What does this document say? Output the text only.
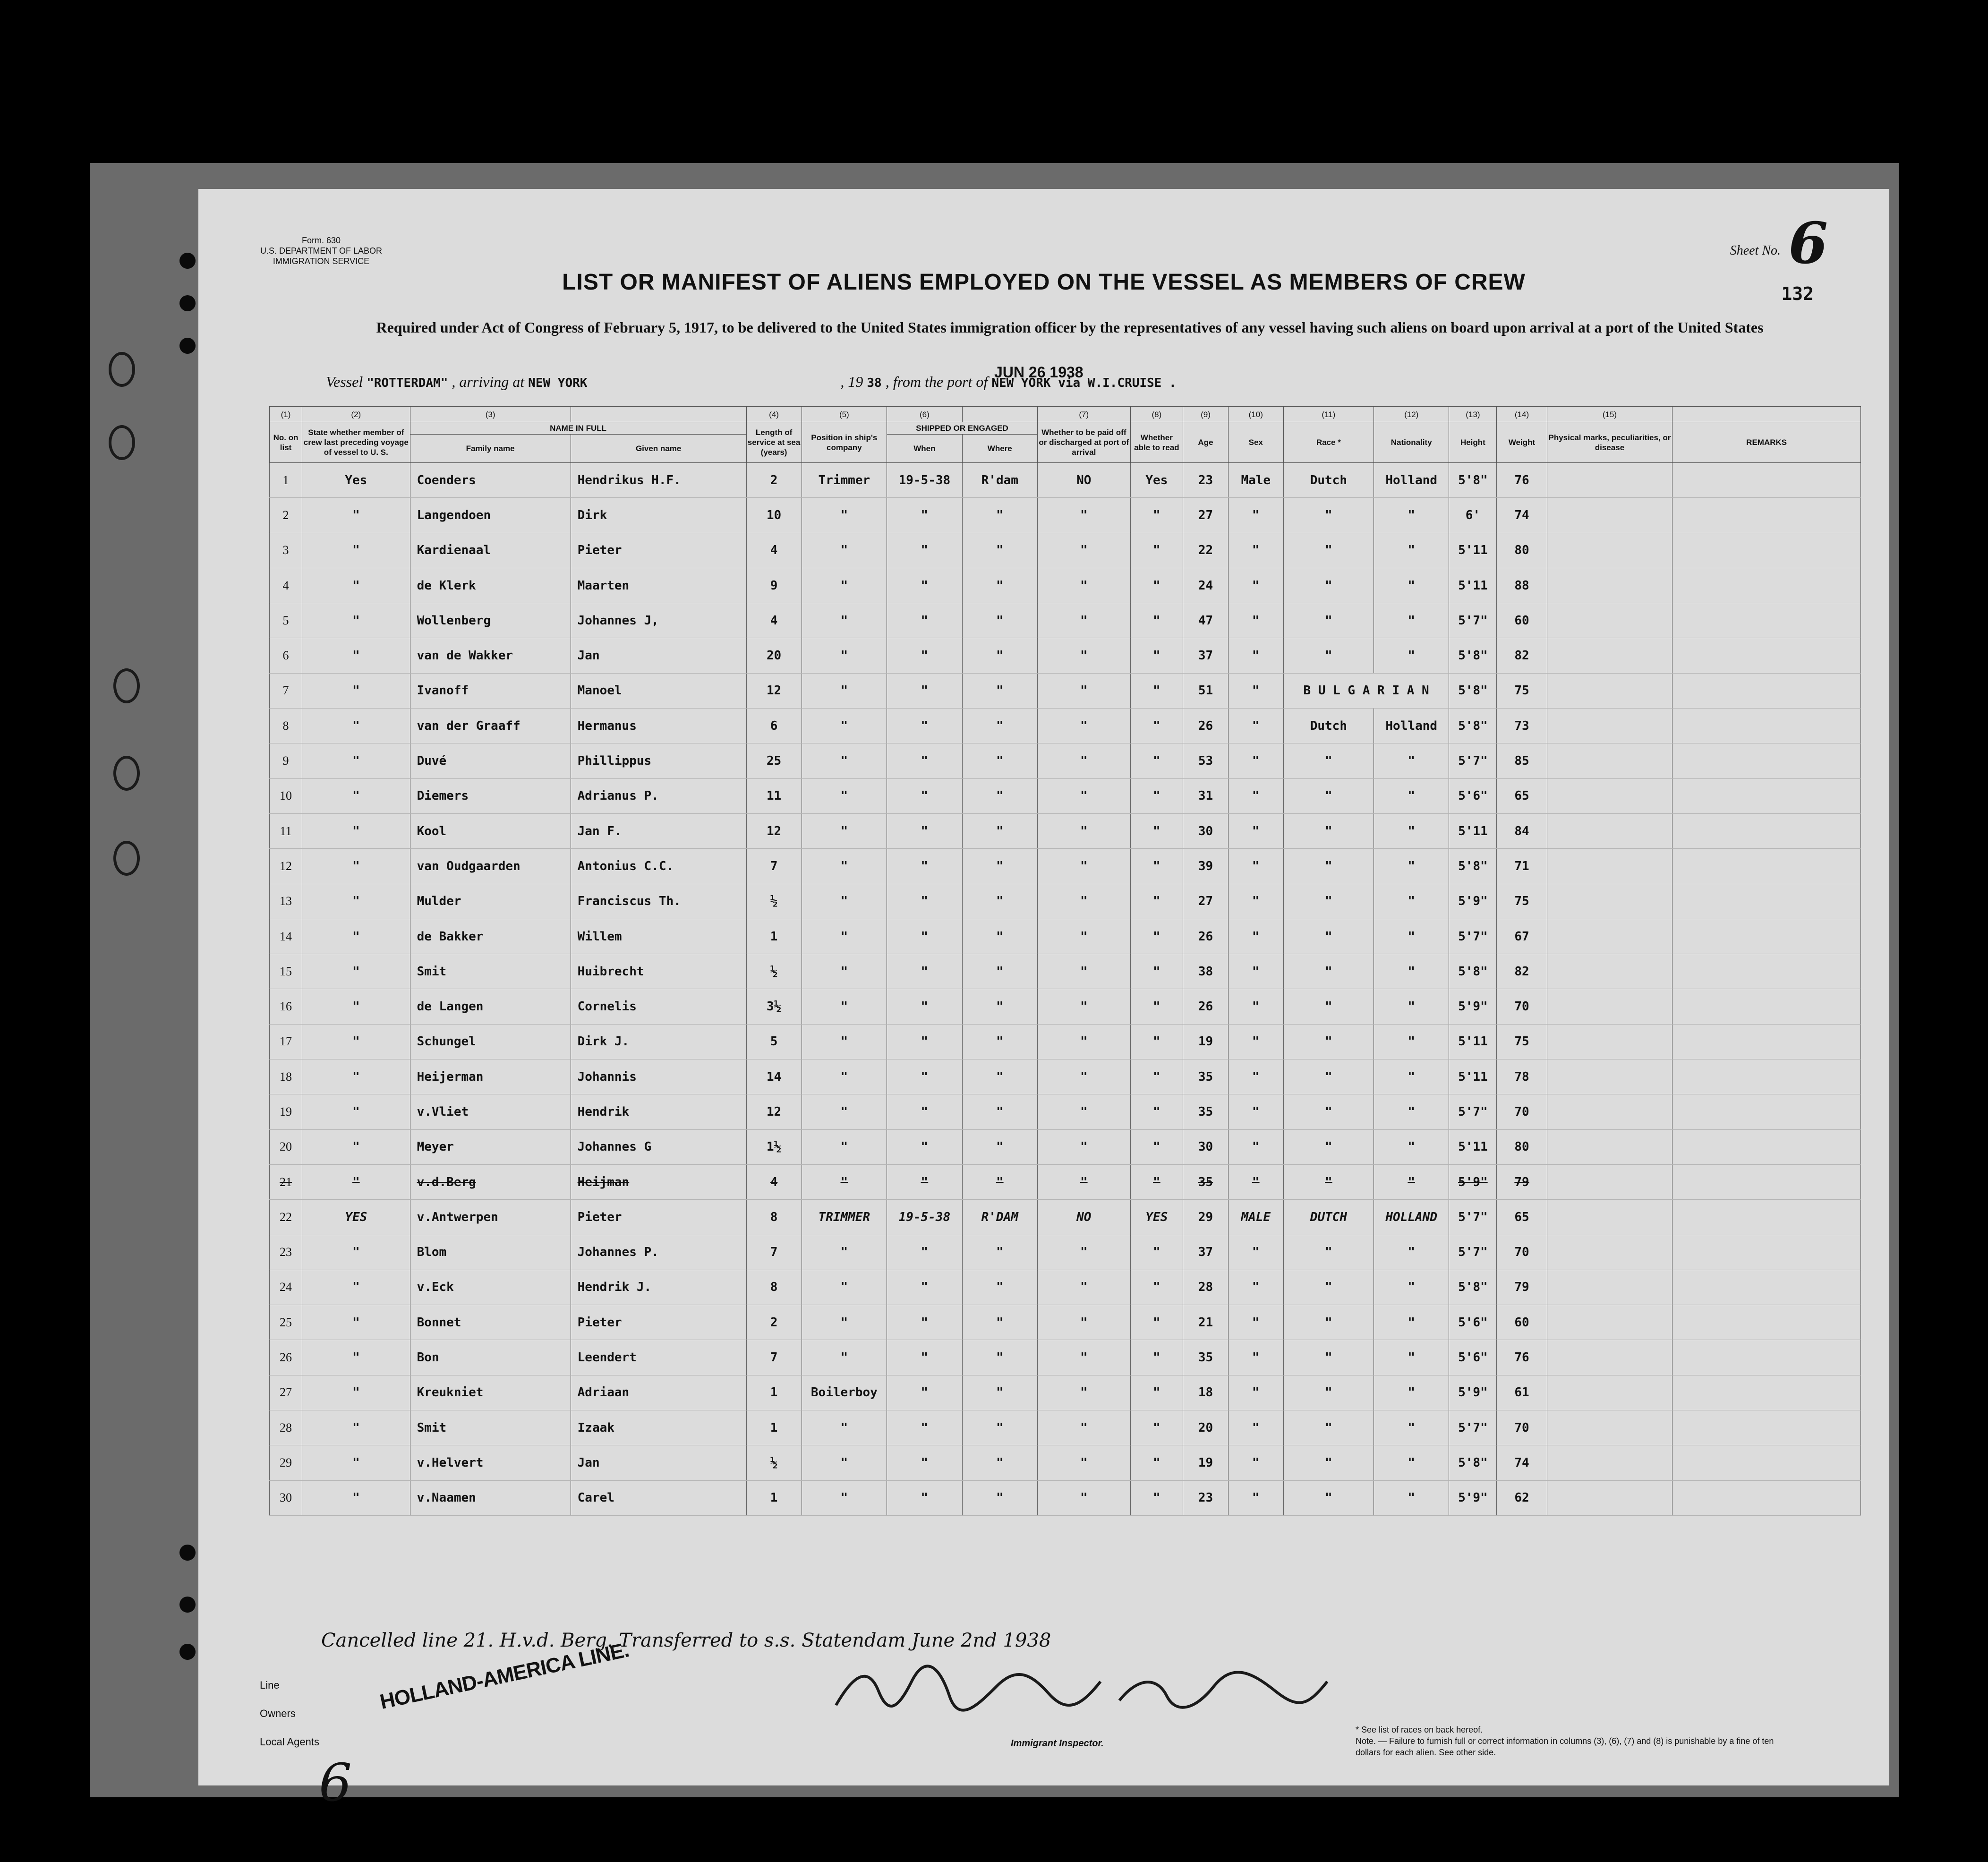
Form. 630
U.S. DEPARTMENT OF LABOR
IMMIGRATION SERVICE
Sheet No. 6
132
LIST OR MANIFEST OF ALIENS EMPLOYED ON THE VESSEL AS MEMBERS OF CREW
Required under Act of Congress of February 5, 1917, to be delivered to the United States immigration officer by the representatives of any vessel having such aliens on board upon arrival at a port of the United States
JUN 26 1938
Vessel "ROTTERDAM" , arriving at NEW YORK	, 19 38 , from the port of NEW YORK via W.I.CRUISE .
(1)	(2)	(3)		(4)	(5)	(6)		(7)	(8)	(9)	(10)	(11)	(12)	(13)	(14)	(15)	
No. on list	State whether member of crew last preceding voyage of vessel to U. S.	NAME IN FULL		Length of service at sea (years)	Position in ship's company	SHIPPED OR ENGAGED		Whether to be paid off or discharged at port of arrival	Whether able to read	Age	Sex	Race *	Nationality	Height	Weight	Physical marks, peculiarities, or disease	REMARKS
		Family name	Given name			When	Where										
1	Yes	Coenders	Hendrikus H.F.	2	Trimmer	19-5-38	R'dam	NO	Yes	23	Male	Dutch	Holland	5'8"	76		
2	"	Langendoen	Dirk	10	"	"	"	"	"	27	"	"	"	6'	74		
3	"	Kardienaal	Pieter	4	"	"	"	"	"	22	"	"	"	5'11	80		
4	"	de Klerk	Maarten	9	"	"	"	"	"	24	"	"	"	5'11	88		
5	"	Wollenberg	Johannes J,	4	"	"	"	"	"	47	"	"	"	5'7"	60		
6	"	van de Wakker	Jan	20	"	"	"	"	"	37	"	"	"	5'8"	82		
7	"	Ivanoff	Manoel	12	"	"	"	"	"	51	"	B U L G A R I A N		5'8"	75		
8	"	van der Graaff	Hermanus	6	"	"	"	"	"	26	"	Dutch	Holland	5'8"	73		
9	"	Duvé	Phillippus	25	"	"	"	"	"	53	"	"	"	5'7"	85		
10	"	Diemers	Adrianus P.	11	"	"	"	"	"	31	"	"	"	5'6"	65		
11	"	Kool	Jan F.	12	"	"	"	"	"	30	"	"	"	5'11	84		
12	"	van Oudgaarden	Antonius C.C.	7	"	"	"	"	"	39	"	"	"	5'8"	71		
13	"	Mulder	Franciscus Th.	½	"	"	"	"	"	27	"	"	"	5'9"	75		
14	"	de Bakker	Willem	1	"	"	"	"	"	26	"	"	"	5'7"	67		
15	"	Smit	Huibrecht	½	"	"	"	"	"	38	"	"	"	5'8"	82		
16	"	de Langen	Cornelis	3½	"	"	"	"	"	26	"	"	"	5'9"	70		
17	"	Schungel	Dirk J.	5	"	"	"	"	"	19	"	"	"	5'11	75		
18	"	Heijerman	Johannis	14	"	"	"	"	"	35	"	"	"	5'11	78		
19	"	v.Vliet	Hendrik	12	"	"	"	"	"	35	"	"	"	5'7"	70		
20	"	Meyer	Johannes G	1½	"	"	"	"	"	30	"	"	"	5'11	80		
21	"	v.d.Berg	Heijman	4	"	"	"	"	"	35	"	"	"	5'9"	79		
22	YES	v.Antwerpen	Pieter	8	TRIMMER	19-5-38	R'DAM	NO	YES	29	MALE	DUTCH	HOLLAND	5'7"	65		
23	"	Blom	Johannes P.	7	"	"	"	"	"	37	"	"	"	5'7"	70		
24	"	v.Eck	Hendrik J.	8	"	"	"	"	"	28	"	"	"	5'8"	79		
25	"	Bonnet	Pieter	2	"	"	"	"	"	21	"	"	"	5'6"	60		
26	"	Bon	Leendert	7	"	"	"	"	"	35	"	"	"	5'6"	76		
27	"	Kreukniet	Adriaan	1	Boilerboy	"	"	"	"	18	"	"	"	5'9"	61		
28	"	Smit	Izaak	1	"	"	"	"	"	20	"	"	"	5'7"	70		
29	"	v.Helvert	Jan	½	"	"	"	"	"	19	"	"	"	5'8"	74		
30	"	v.Naamen	Carel	1	"	"	"	"	"	23	"	"	"	5'9"	62		
Cancelled line 21. H.v.d. Berg. Transferred to s.s. Statendam June 2nd 1938
Line
Owners
Local Agents
HOLLAND-AMERICA LINE.
Immigrant Inspector.
* See list of races on back hereof.
Note. — Failure to furnish full or correct information in columns (3), (6), (7) and (8) is punishable by a fine of ten dollars for each alien. See other side.
6
